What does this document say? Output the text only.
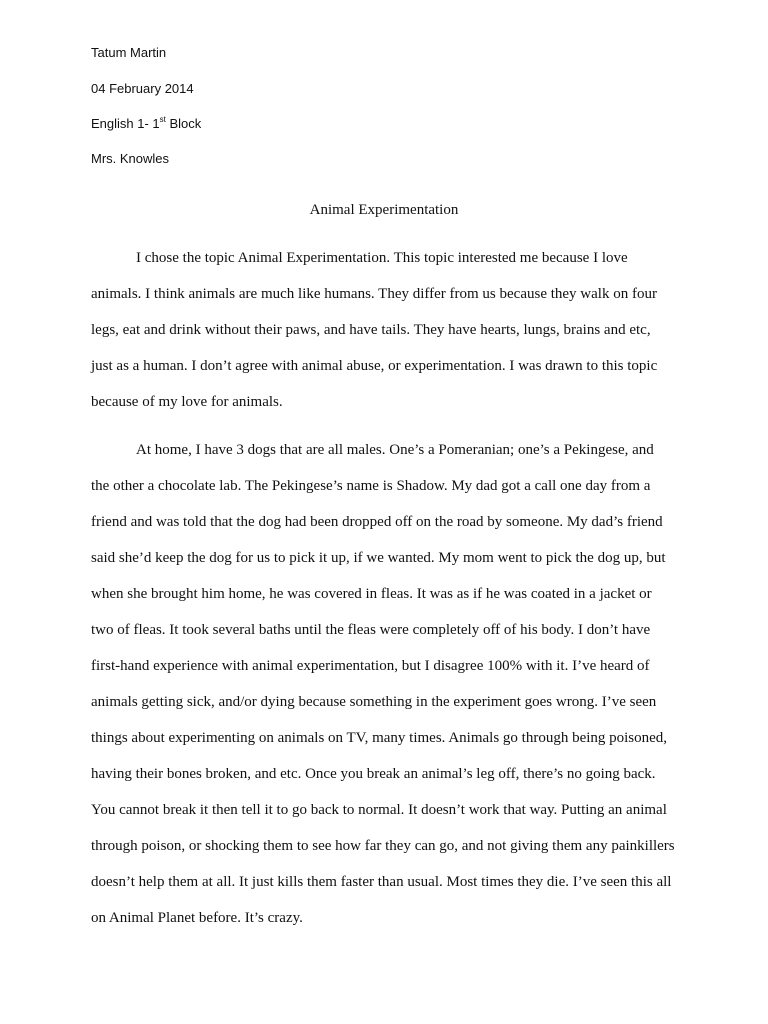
Tatum Martin
04 February 2014
English 1- 1st Block
Mrs. Knowles
Animal Experimentation
I chose the topic Animal Experimentation. This topic interested me because I love
animals. I think animals are much like humans. They differ from us because they walk on four
legs, eat and drink without their paws, and have tails. They have hearts, lungs, brains and etc,
just as a human. I don’t agree with animal abuse, or experimentation. I was drawn to this topic
because of my love for animals.
At home, I have 3 dogs that are all males. One’s a Pomeranian; one’s a Pekingese, and
the other a chocolate lab. The Pekingese’s name is Shadow. My dad got a call one day from a
friend and was told that the dog had been dropped off on the road by someone. My dad’s friend
said she’d keep the dog for us to pick it up, if we wanted. My mom went to pick the dog up, but
when she brought him home, he was covered in fleas. It was as if he was coated in a jacket or
two of fleas. It took several baths until the fleas were completely off of his body. I don’t have
first-hand experience with animal experimentation, but I disagree 100% with it. I’ve heard of
animals getting sick, and/or dying because something in the experiment goes wrong. I’ve seen
things about experimenting on animals on TV, many times. Animals go through being poisoned,
having their bones broken, and etc. Once you break an animal’s leg off, there’s no going back.
You cannot break it then tell it to go back to normal. It doesn’t work that way. Putting an animal
through poison, or shocking them to see how far they can go, and not giving them any painkillers
doesn’t help them at all. It just kills them faster than usual. Most times they die. I’ve seen this all
on Animal Planet before. It’s crazy.
